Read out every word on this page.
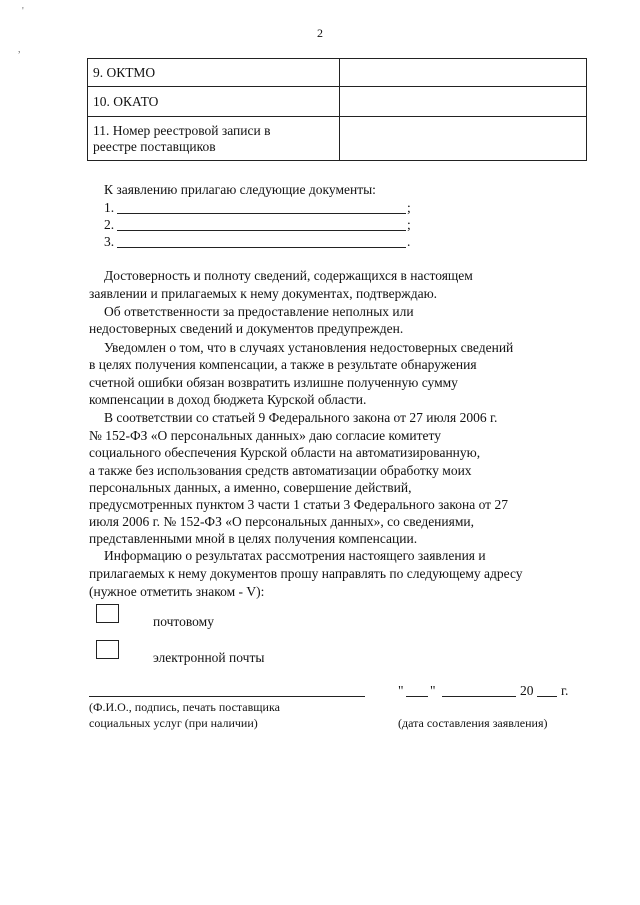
'
,
2
9. ОКТМО	
10. ОКАТО	

11. Номер реестровой записи в
реестре поставщиков	

К заявлению прилагаю следующие документы:
1.	;
2.	;
3.	.
Достоверность и полноту сведений, содержащихся в настоящем
заявлении и прилагаемых к нему документах, подтверждаю.
Об ответственности за предоставление неполных или
недостоверных сведений и документов предупрежден.
Уведомлен о том, что в случаях установления недостоверных сведений
в целях получения компенсации, а также в результате обнаружения
счетной ошибки обязан возвратить излишне полученную сумму
компенсации в доход бюджета Курской области.
В соответствии со статьей 9 Федерального закона от 27 июля 2006 г.
№ 152-ФЗ «О персональных данных» даю согласие комитету
социального обеспечения Курской области на автоматизированную,
а также без использования средств автоматизации обработку моих
персональных данных, а именно, совершение действий,
предусмотренных пунктом 3 части 1 статьи 3 Федерального закона от 27
июля 2006 г. № 152-ФЗ «О персональных данных», со сведениями,
представленными мной в целях получения компенсации.
Информацию о результатах рассмотрения настоящего заявления и
прилагаемых к нему документов прошу направлять по следующему адресу
(нужное отметить знаком - V):
почтовому
электронной почты
(Ф.И.О., подпись, печать поставщика
социальных услуг (при наличии)
" "	20 г.
(дата составления заявления)
